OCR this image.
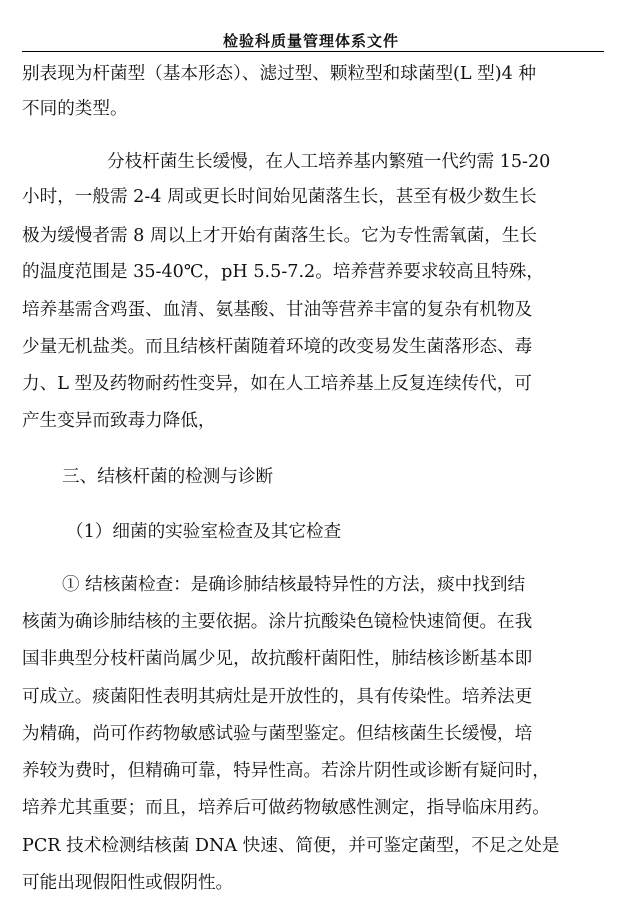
检验科质量管理体系文件
别表现为杆菌型（基本形态）、滤过型、颗粒型和球菌型(L 型)4 种
不同的类型。
分枝杆菌生长缓慢，在人工培养基内繁殖一代约需 15-20
小时，一般需 2-4 周或更长时间始见菌落生长，甚至有极少数生长
极为缓慢者需 8 周以上才开始有菌落生长。它为专性需氧菌，生长
的温度范围是 35-40℃，pH 5.5-7.2。培养营养要求较高且特殊，
培养基需含鸡蛋、血清、氨基酸、甘油等营养丰富的复杂有机物及
少量无机盐类。而且结核杆菌随着环境的改变易发生菌落形态、毒
力、L 型及药物耐药性变异，如在人工培养基上反复连续传代，可
产生变异而致毒力降低，
三、结核杆菌的检测与诊断
（1）细菌的实验室检查及其它检查
① 结核菌检查：是确诊肺结核最特异性的方法，痰中找到结
核菌为确诊肺结核的主要依据。涂片抗酸染色镜检快速简便。在我
国非典型分枝杆菌尚属少见，故抗酸杆菌阳性，肺结核诊断基本即
可成立。痰菌阳性表明其病灶是开放性的，具有传染性。培养法更
为精确，尚可作药物敏感试验与菌型鉴定。但结核菌生长缓慢，培
养较为费时，但精确可靠，特异性高。若涂片阴性或诊断有疑问时，
培养尤其重要；而且，培养后可做药物敏感性测定，指导临床用药。
PCR 技术检测结核菌 DNA 快速、简便，并可鉴定菌型，不足之处是
可能出现假阳性或假阴性。
